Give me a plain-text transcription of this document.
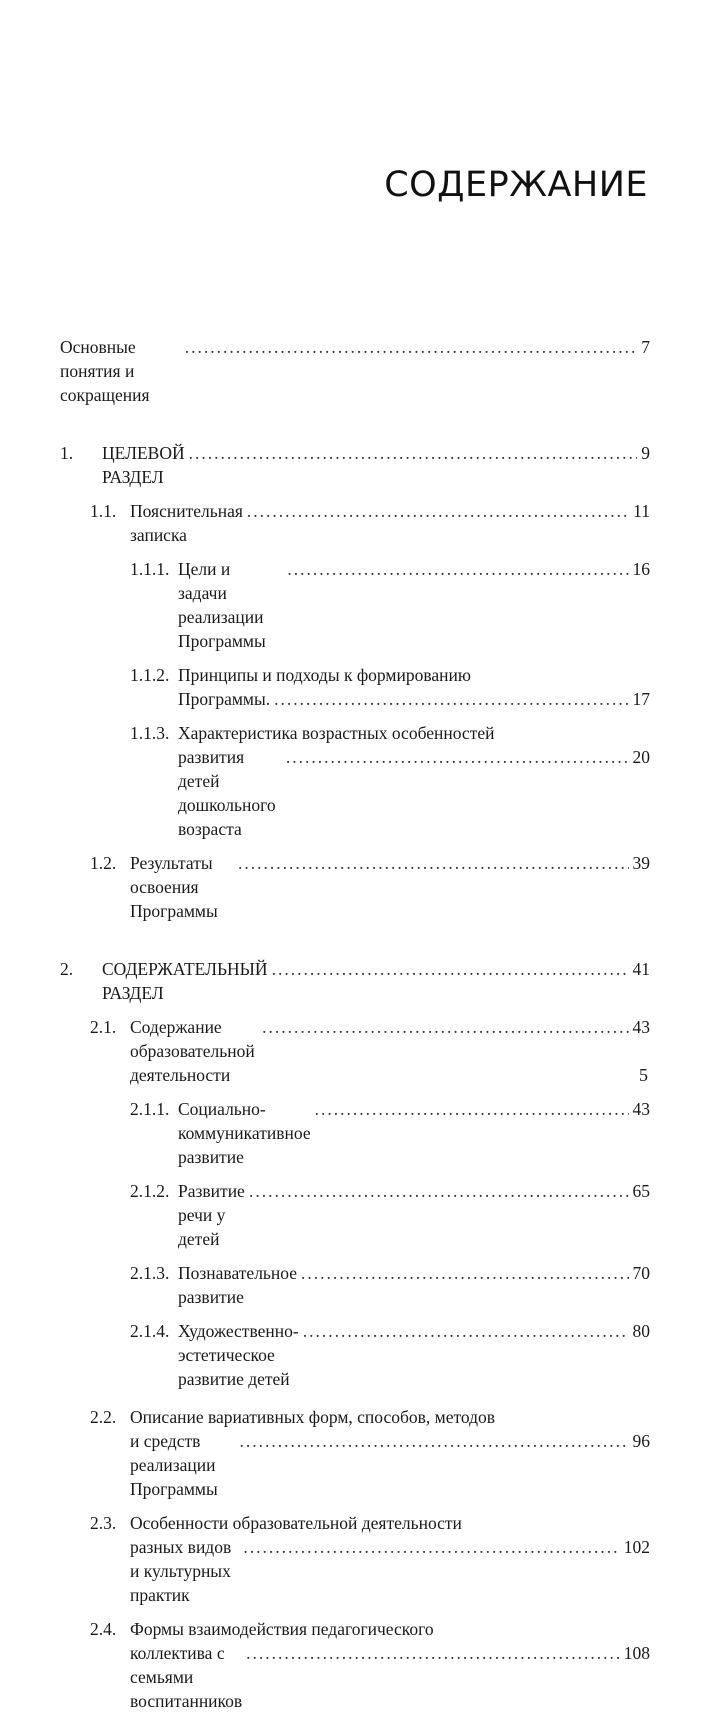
СОДЕРЖАНИЕ
Основные понятия и сокращения
.....
7
1.	ЦЕЛЕВОЙ РАЗДЕЛ
.....
9
1.1. Пояснительная записка
.....
11
1.1.1. Цели и задачи реализации Программы
.....
16
1.1.2. Принципы и подходы к формированию
Программы.
.....	17
1.1.3. Характеристика возрастных особенностей
развития детей дошкольного возраста
.....
20
1.2. Результаты освоения Программы
.....
39
2.	СОДЕРЖАТЕЛЬНЫЙ РАЗДЕЛ
.....
41
2.1. Содержание образовательной деятельности
.....
43
2.1.1. Социально-коммуникативное развитие
.....
43
2.1.2. Развитие речи у детей
.....
65
2.1.3. Познавательное развитие
.....
70
2.1.4. Художественно-эстетическое развитие детей
.....
80
2.2. Описание вариативных форм, способов, методов
и средств реализации Программы
.....
96
2.3. Особенности образовательной деятельности
разных видов и культурных практик
.....
102
2.4. Формы взаимодействия педагогического
коллектива с семьями воспитанников
.....
108

5
